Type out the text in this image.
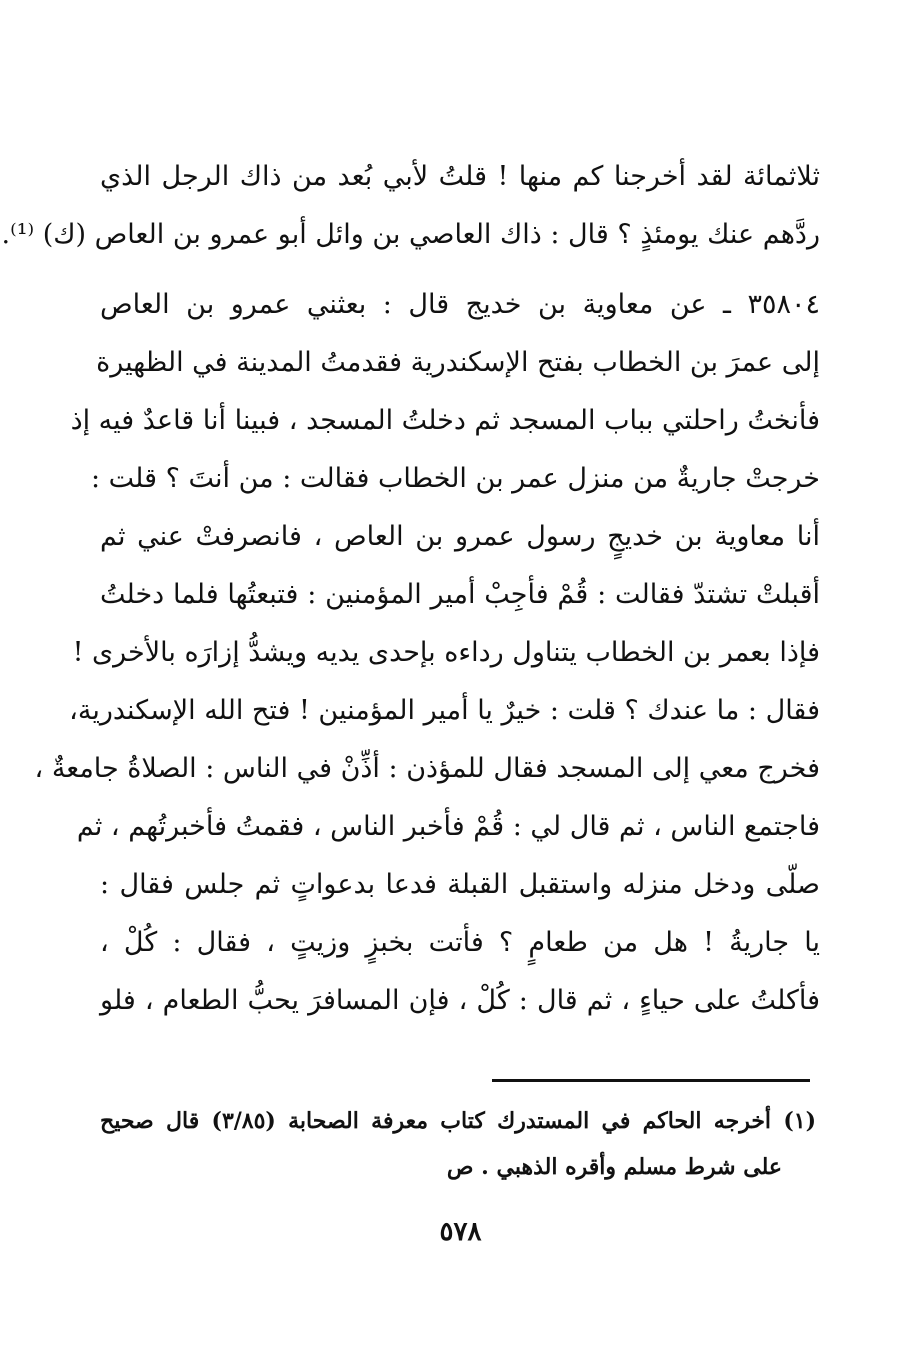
ثلاثمائة لقد أخرجنا كم منها ! قلتُ لأبي بُعد من ذاك الرجل الذي
ردَّهم عنك يومئذٍ ؟ قال : ذاك العاصي بن وائل أبو عمرو بن العاص (ك) ⁽¹⁾.
٣٥٨٠٤ ـ عن معاوية بن خديج قال : بعثني عمرو بن العاص
إلى عمرَ بن الخطاب بفتح الإسكندرية فقدمتُ المدينة في الظهيرة
فأنختُ راحلتي بباب المسجد ثم دخلتُ المسجد ، فبينا أنا قاعدٌ فيه إذ
خرجتْ جاريةٌ من منزل عمر بن الخطاب فقالت : من أنتَ ؟ قلت :
أنا معاوية بن خديجٍ رسول عمرو بن العاص ، فانصرفتْ عني ثم
أقبلتْ تشتدّ فقالت : قُمْ فأجِبْ أمير المؤمنين : فتبعتُها فلما دخلتُ
فإذا بعمر بن الخطاب يتناول رداءه بإحدى يديه ويشدُّ إزارَه بالأخرى !
فقال : ما عندك ؟ قلت : خيرٌ يا أمير المؤمنين ! فتح الله الإسكندرية،
فخرج معي إلى المسجد فقال للمؤذن : أذِّنْ في الناس : الصلاةُ جامعةٌ ،
فاجتمع الناس ، ثم قال لي : قُمْ فأخبر الناس ، فقمتُ فأخبرتُهم ، ثم
صلّى ودخل منزله واستقبل القبلة فدعا بدعواتٍ ثم جلس فقال :
يا جاريةُ ! هل من طعامٍ ؟ فأتت بخبزٍ وزيتٍ ، فقال : كُلْ ،
فأكلتُ على حياءٍ ، ثم قال : كُلْ ، فإن المسافرَ يحبُّ الطعام ، فلو
(١) أخرجه الحاكم في المستدرك كتاب معرفة الصحابة (٣/٨٥) قال صحيح
على شرط مسلم وأقره الذهبي . ص
٥٧٨
